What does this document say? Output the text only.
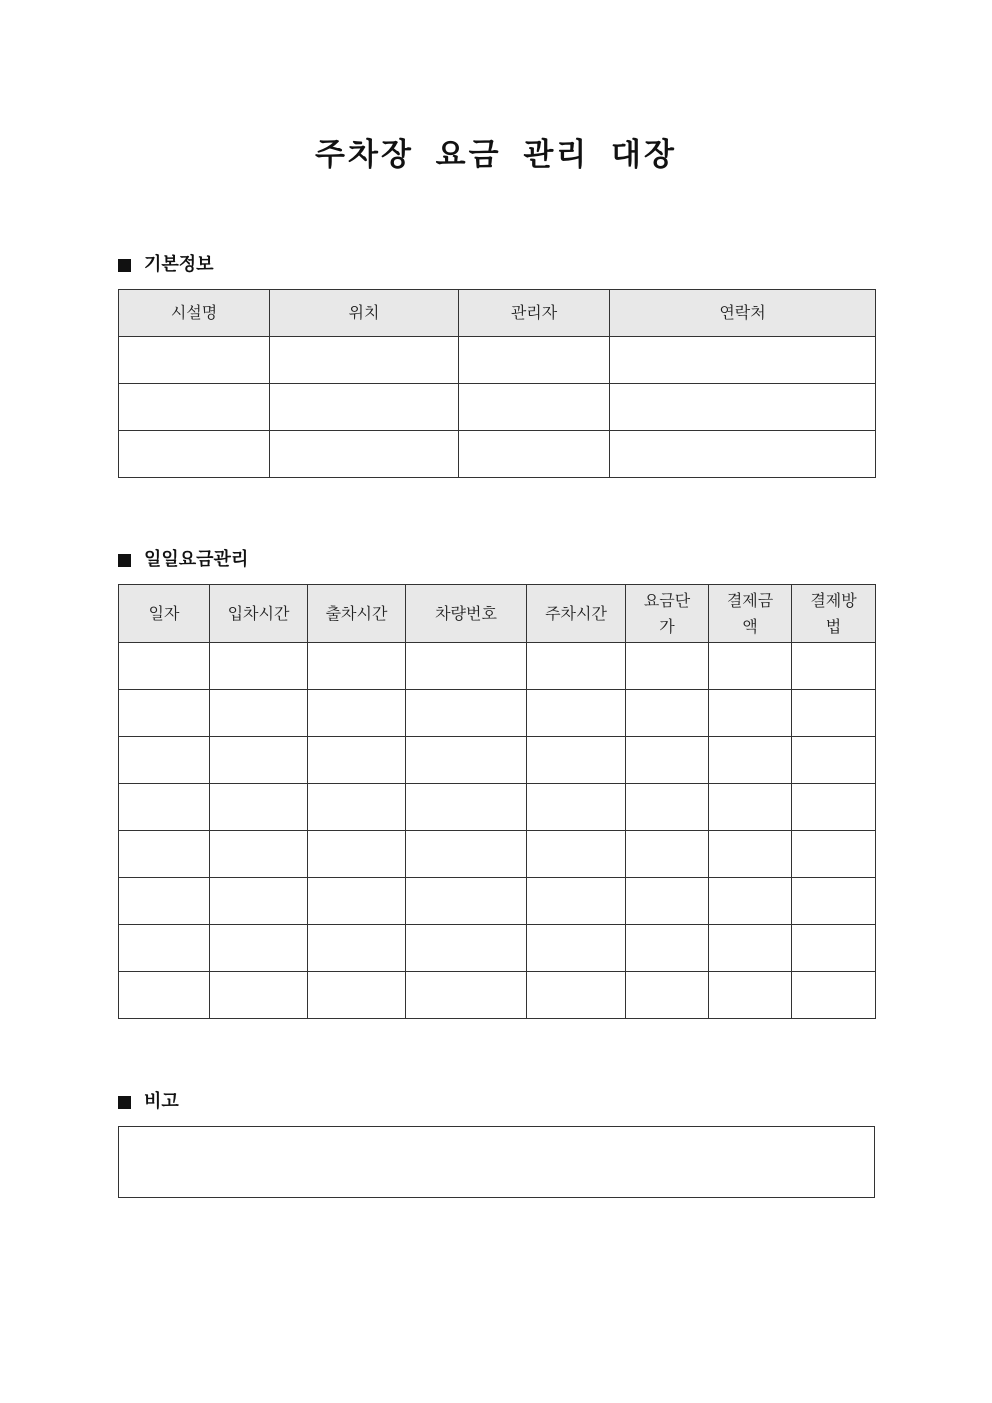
주차장 요금 관리 대장
기본정보
시설명	위치	관리자	연락처

일일요금관리
일자	입차시간	출차시간	차량번호	주차시간	요금단가	결제금액	결제방법

비고
